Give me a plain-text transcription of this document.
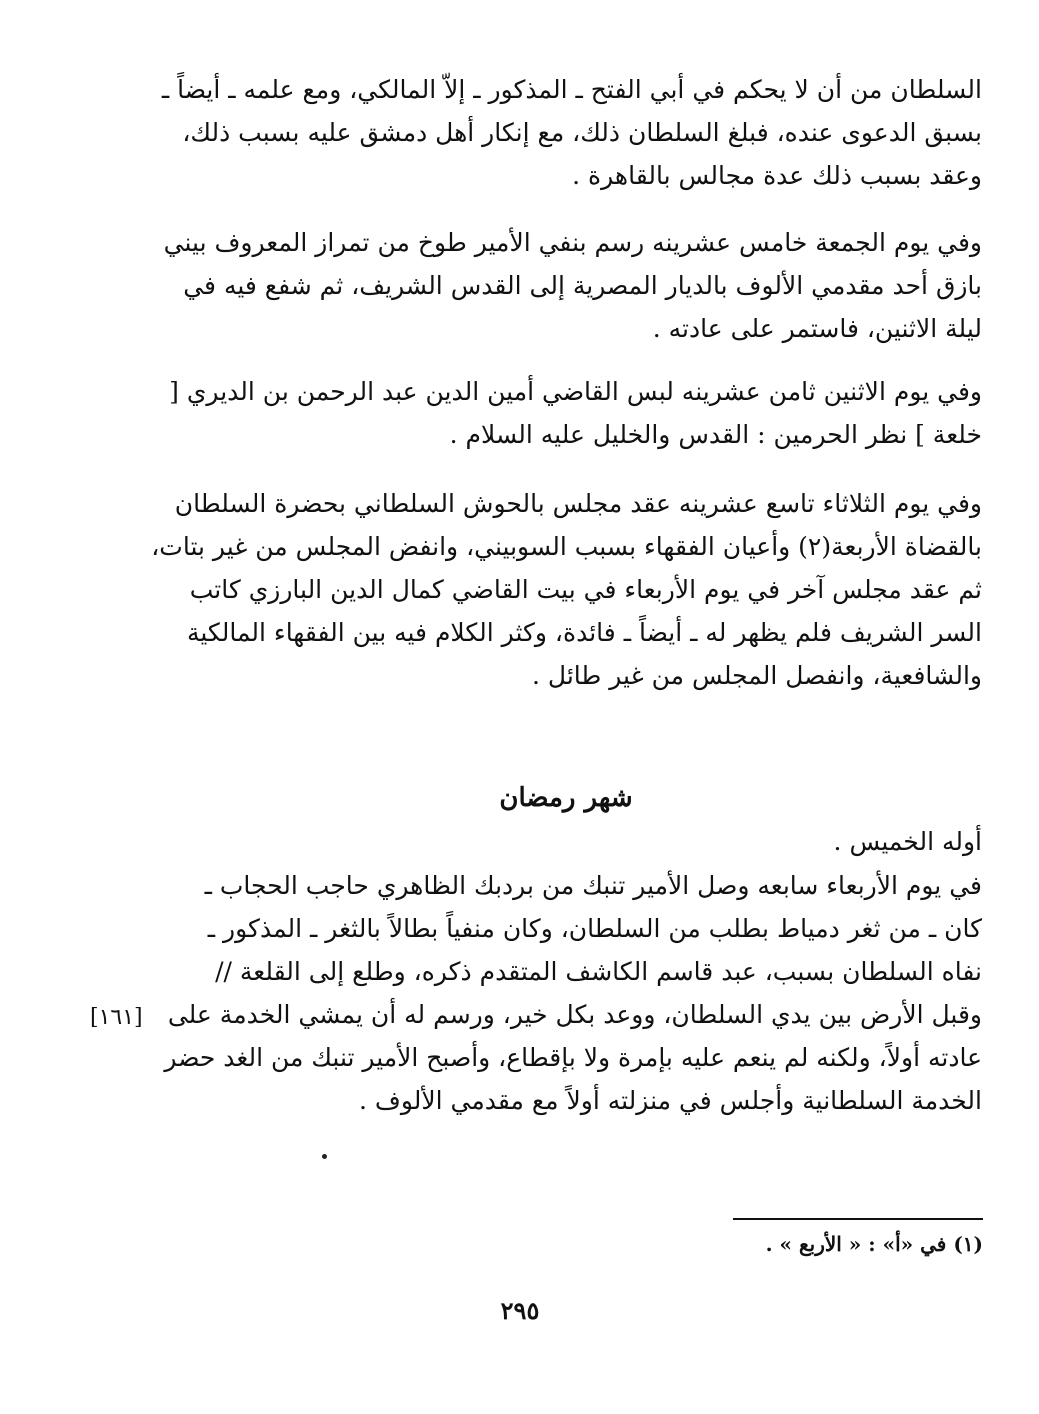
السلطان من أن لا يحكم في أبي الفتح ـ المذكور ـ إلاّ المالكي، ومع علمه ـ أيضاً ـ بسبق الدعوى عنده، فبلغ السلطان ذلك، مع إنكار أهل دمشق عليه بسبب ذلك، وعقد بسبب ذلك عدة مجالس بالقاهرة .

وفي يوم الجمعة خامس عشرينه رسم بنفي الأمير طوخ من تمراز المعروف بيني بازق أحد مقدمي الألوف بالديار المصرية إلى القدس الشريف، ثم شفع فيه في ليلة الاثنين، فاستمر على عادته .

وفي يوم الاثنين ثامن عشرينه لبس القاضي أمين الدين عبد الرحمن بن الديري [ خلعة ] نظر الحرمين : القدس والخليل عليه السلام .

وفي يوم الثلاثاء تاسع عشرينه عقد مجلس بالحوش السلطاني بحضرة السلطان بالقضاة الأربعة(٢) وأعيان الفقهاء بسبب السوبيني، وانفض المجلس من غير بتات، ثم عقد مجلس آخر في يوم الأربعاء في بيت القاضي كمال الدين البارزي كاتب السر الشريف فلم يظهر له ـ أيضاً ـ فائدة، وكثر الكلام فيه بين الفقهاء المالكية والشافعية، وانفصل المجلس من غير طائل .

شهر رمضان

أوله الخميس .

في يوم الأربعاء سابعه وصل الأمير تنبك من بردبك الظاهري حاجب الحجاب ـ كان ـ من ثغر دمياط بطلب من السلطان، وكان منفياً بطالاً بالثغر ـ المذكور ـ نفاه السلطان بسبب، عبد قاسم الكاشف المتقدم ذكره، وطلع إلى القلعة // وقبل الأرض بين يدي السلطان، ووعد بكل خير، ورسم له أن يمشي الخدمة على عادته أولاً، ولكنه لم ينعم عليه بإمرة ولا بإقطاع، وأصبح الأمير تنبك من الغد حضر الخدمة السلطانية وأجلس في منزلته أولاً مع مقدمي الألوف .

[١٦١]
(١) في «أ» : « الأربع » .
٢٩٥
